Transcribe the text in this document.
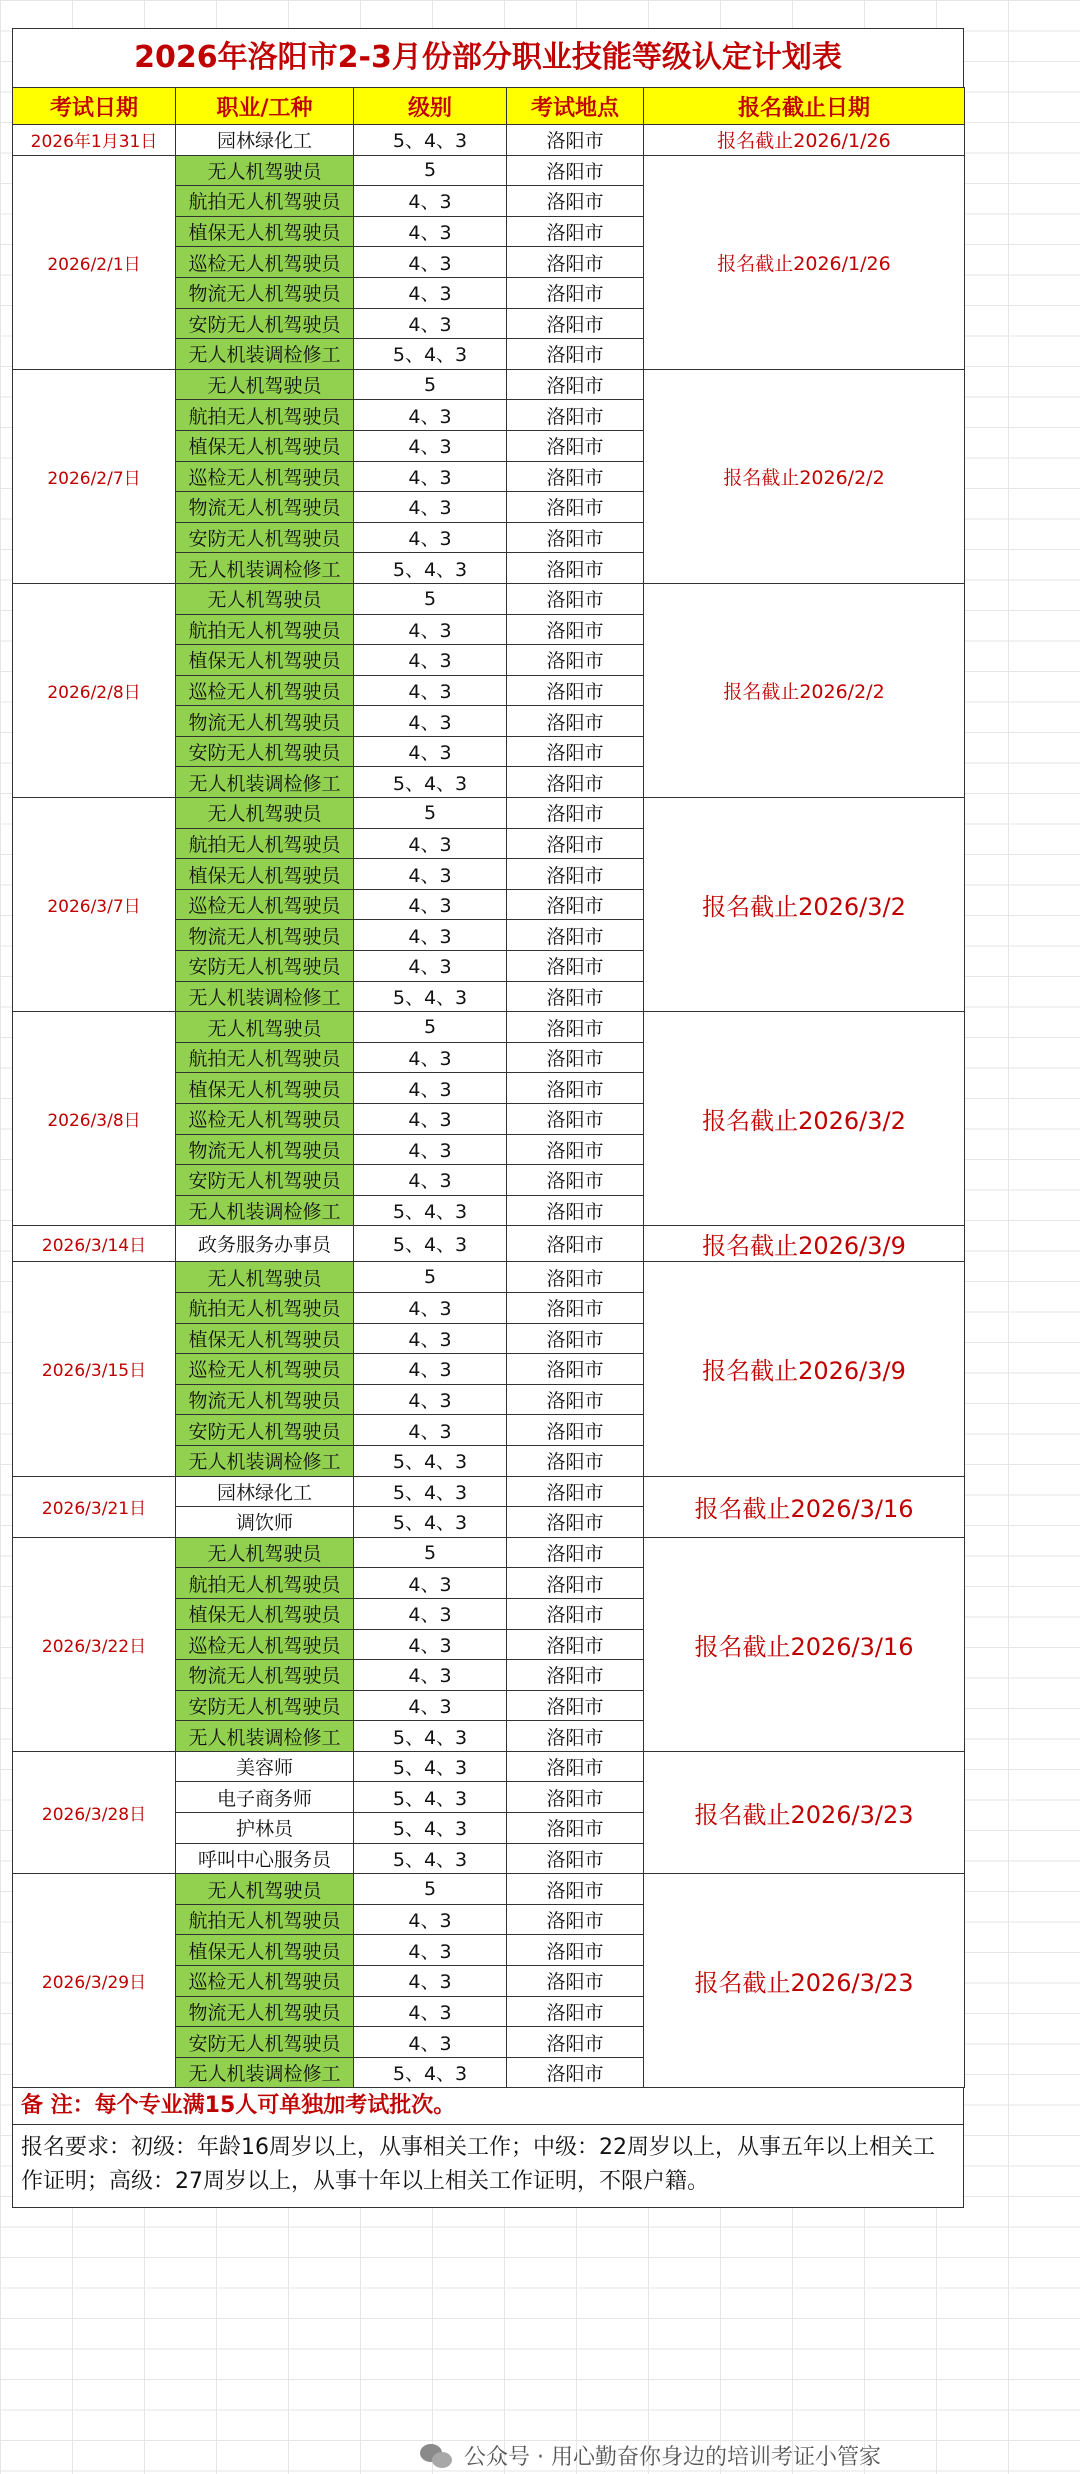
2026年洛阳市2-3月份部分职业技能等级认定计划表
考试日期	职业/工种	级别	考试地点	报名截止日期
2026年1月31日	园林绿化工	5、4、3	洛阳市	报名截止2026/1/26
2026/2/1日	无人机驾驶员	5	洛阳市	报名截止2026/1/26
	航拍无人机驾驶员	4、3	洛阳市	
	植保无人机驾驶员	4、3	洛阳市	
	巡检无人机驾驶员	4、3	洛阳市	
	物流无人机驾驶员	4、3	洛阳市	
	安防无人机驾驶员	4、3	洛阳市	
	无人机装调检修工	5、4、3	洛阳市	
2026/2/7日	无人机驾驶员	5	洛阳市	报名截止2026/2/2
	航拍无人机驾驶员	4、3	洛阳市	
	植保无人机驾驶员	4、3	洛阳市	
	巡检无人机驾驶员	4、3	洛阳市	
	物流无人机驾驶员	4、3	洛阳市	
	安防无人机驾驶员	4、3	洛阳市	
	无人机装调检修工	5、4、3	洛阳市	
2026/2/8日	无人机驾驶员	5	洛阳市	报名截止2026/2/2
	航拍无人机驾驶员	4、3	洛阳市	
	植保无人机驾驶员	4、3	洛阳市	
	巡检无人机驾驶员	4、3	洛阳市	
	物流无人机驾驶员	4、3	洛阳市	
	安防无人机驾驶员	4、3	洛阳市	
	无人机装调检修工	5、4、3	洛阳市	
2026/3/7日	无人机驾驶员	5	洛阳市	报名截止2026/3/2
	航拍无人机驾驶员	4、3	洛阳市	
	植保无人机驾驶员	4、3	洛阳市	
	巡检无人机驾驶员	4、3	洛阳市	
	物流无人机驾驶员	4、3	洛阳市	
	安防无人机驾驶员	4、3	洛阳市	
	无人机装调检修工	5、4、3	洛阳市	
2026/3/8日	无人机驾驶员	5	洛阳市	报名截止2026/3/2
	航拍无人机驾驶员	4、3	洛阳市	
	植保无人机驾驶员	4、3	洛阳市	
	巡检无人机驾驶员	4、3	洛阳市	
	物流无人机驾驶员	4、3	洛阳市	
	安防无人机驾驶员	4、3	洛阳市	
	无人机装调检修工	5、4、3	洛阳市	
2026/3/14日	政务服务办事员	5、4、3	洛阳市	报名截止2026/3/9
2026/3/15日	无人机驾驶员	5	洛阳市	报名截止2026/3/9
	航拍无人机驾驶员	4、3	洛阳市	
	植保无人机驾驶员	4、3	洛阳市	
	巡检无人机驾驶员	4、3	洛阳市	
	物流无人机驾驶员	4、3	洛阳市	
	安防无人机驾驶员	4、3	洛阳市	
	无人机装调检修工	5、4、3	洛阳市	
2026/3/21日	园林绿化工	5、4、3	洛阳市	报名截止2026/3/16
	调饮师	5、4、3	洛阳市	
2026/3/22日	无人机驾驶员	5	洛阳市	报名截止2026/3/16
	航拍无人机驾驶员	4、3	洛阳市	
	植保无人机驾驶员	4、3	洛阳市	
	巡检无人机驾驶员	4、3	洛阳市	
	物流无人机驾驶员	4、3	洛阳市	
	安防无人机驾驶员	4、3	洛阳市	
	无人机装调检修工	5、4、3	洛阳市	
2026/3/28日	美容师	5、4、3	洛阳市	报名截止2026/3/23
	电子商务师	5、4、3	洛阳市	
	护林员	5、4、3	洛阳市	
	呼叫中心服务员	5、4、3	洛阳市	
2026/3/29日	无人机驾驶员	5	洛阳市	报名截止2026/3/23
	航拍无人机驾驶员	4、3	洛阳市	
	植保无人机驾驶员	4、3	洛阳市	
	巡检无人机驾驶员	4、3	洛阳市	
	物流无人机驾驶员	4、3	洛阳市	
	安防无人机驾驶员	4、3	洛阳市	
	无人机装调检修工	5、4、3	洛阳市	
备 注：每个专业满15人可单独加考试批次。
报名要求：初级：年龄16周岁以上，从事相关工作；中级：22周岁以上，从事五年以上相关工作证明；高级：27周岁以上，从事十年以上相关工作证明，不限户籍。
公众号 · 用心勤奋你身边的培训考证小管家
